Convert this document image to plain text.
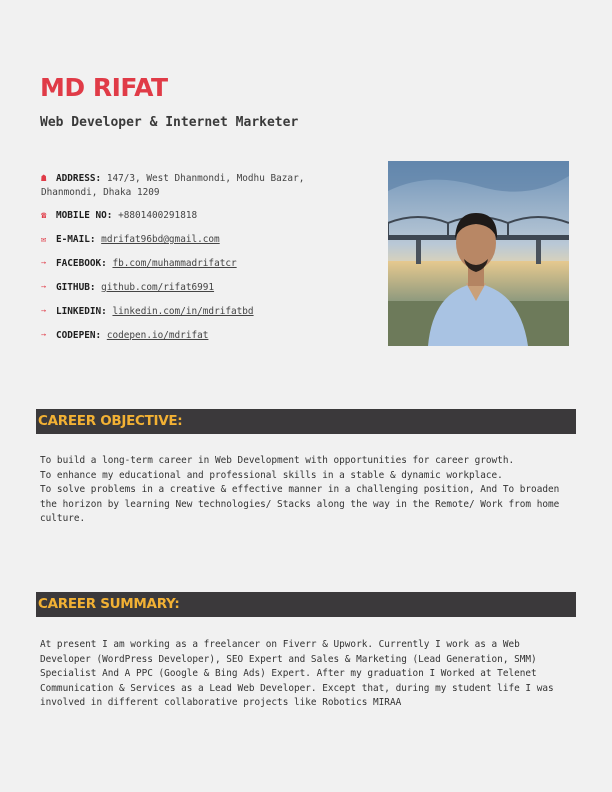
MD RIFAT

Web Developer & Internet Marketer

☗ ADDRESS: 147/3, West Dhanmondi, Modhu Bazar, Dhanmondi, Dhaka 1209
☎ MOBILE NO: +8801400291818
✉ E-MAIL: mdrifat96bd@gmail.com
➙ FACEBOOK: fb.com/muhammadrifatcr
➙ GITHUB: github.com/rifat6991
➙ LINKEDIN: linkedin.com/in/mdrifatbd
➙ CODEPEN: codepen.io/mdrifat
CAREER OBJECTIVE:

To build a long-term career in Web Development with opportunities for career growth.
To enhance my educational and professional skills in a stable & dynamic workplace.
To solve problems in a creative & effective manner in a challenging position, And To broaden the horizon by learning New technologies/ Stacks along the way in the Remote/ Work from home culture.

CAREER SUMMARY:

At present I am working as a freelancer on Fiverr & Upwork. Currently I work as a Web Developer (WordPress Developer), SEO Expert and Sales & Marketing (Lead Generation, SMM) Specialist And A PPC (Google & Bing Ads) Expert. After my graduation I Worked at Telenet Communication & Services as a Lead Web Developer. Except that, during my student life I was involved in different collaborative projects like Robotics MIRAA
